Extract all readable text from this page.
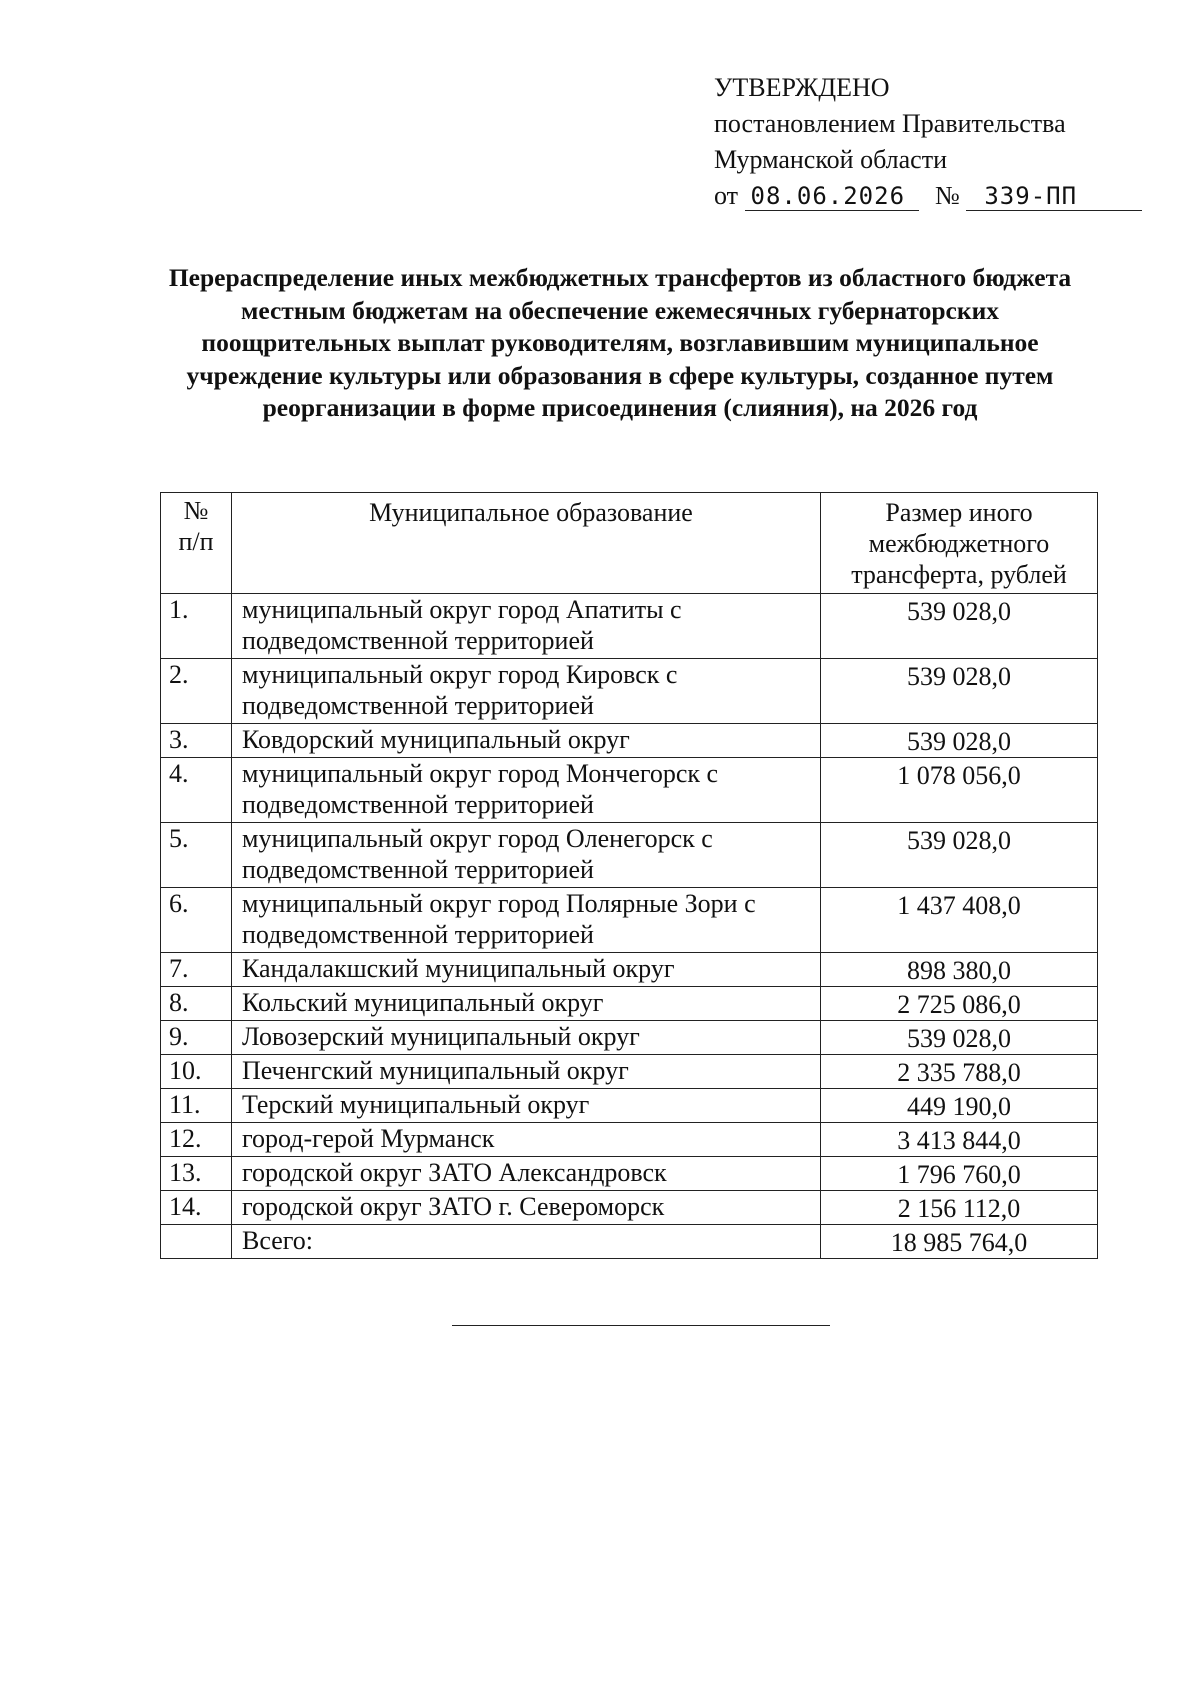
УТВЕРЖДЕНО
постановлением Правительства
Мурманской области
от 08.06.2026 № 339-ПП
Перераспределение иных межбюджетных трансфертов из областного бюджета местным бюджетам на обеспечение ежемесячных губернаторских поощрительных выплат руководителям, возглавившим муниципальное учреждение культуры или образования в сфере культуры, созданное путем реорганизации в форме присоединения (слияния), на 2026 год
№
п/п	Муниципальное образование	Размер иного межбюджетного трансферта, рублей
1.	муниципальный округ город Апатиты с подведомственной территорией	539 028,0

2.	муниципальный округ город Кировск с подведомственной территорией	539 028,0

3.	Ковдорский муниципальный округ	539 028,0

4.	муниципальный округ город Мончегорск с подведомственной территорией	1 078 056,0

5.	муниципальный округ город Оленегорск с подведомственной территорией	539 028,0

6.	муниципальный округ город Полярные Зори с подведомственной территорией	1 437 408,0

7.	Кандалакшский муниципальный округ	898 380,0

8.	Кольский муниципальный округ	2 725 086,0

9.	Ловозерский муниципальный округ	539 028,0

10.	Печенгский муниципальный округ	2 335 788,0

11.	Терский муниципальный округ	449 190,0

12.	город-герой Мурманск	3 413 844,0

13.	городской округ ЗАТО Александровск	1 796 760,0

14.	городской округ ЗАТО г. Североморск	2 156 112,0

	Всего:	18 985 764,0
